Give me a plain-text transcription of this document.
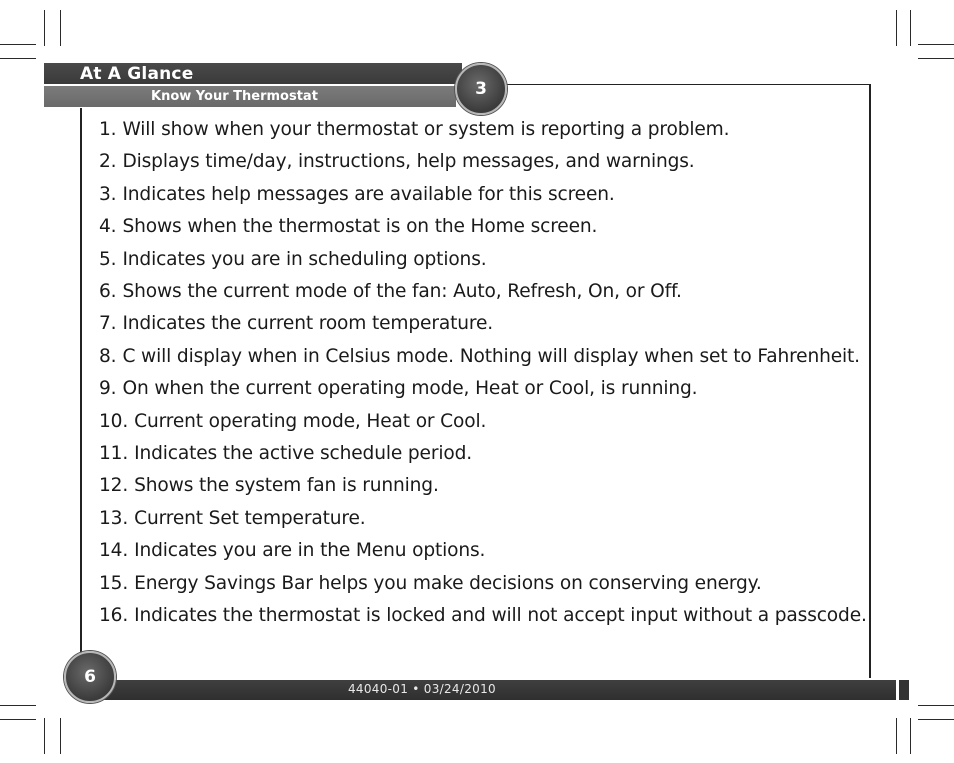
At A Glance
Know Your Thermostat	3
1. Will show when your thermostat or system is reporting a problem.
2. Displays time/day, instructions, help messages, and warnings.
3. Indicates help messages are available for this screen.
4. Shows when the thermostat is on the Home screen.
5. Indicates you are in scheduling options.
6. Shows the current mode of the fan: Auto, Refresh, On, or Off.
7. Indicates the current room temperature.
8. C will display when in Celsius mode. Nothing will display when set to Fahrenheit.
9. On when the current operating mode, Heat or Cool, is running.
10. Current operating mode, Heat or Cool.
11. Indicates the active schedule period.
12. Shows the system fan is running.
13. Current Set temperature.
14. Indicates you are in the Menu options.
15. Energy Savings Bar helps you make decisions on conserving energy.
16. Indicates the thermostat is locked and will not accept input without a passcode.
44040-01 • 03/24/2010
6
